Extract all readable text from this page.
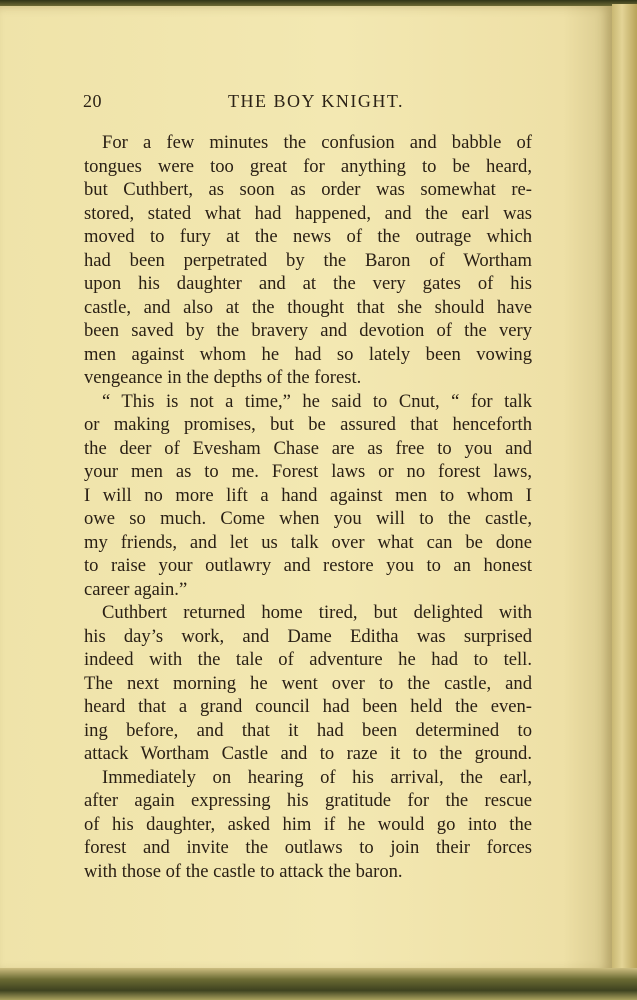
20	THE BOY KNIGHT.
For a few minutes the confusion and babble of
tongues were too great for anything to be heard,
but Cuthbert, as soon as order was somewhat re-
stored, stated what had happened, and the earl was
moved to fury at the news of the outrage which
had been perpetrated by the Baron of Wortham
upon his daughter and at the very gates of his
castle, and also at the thought that she should have
been saved by the bravery and devotion of the very
men against whom he had so lately been vowing
vengeance in the depths of the forest.
“ This is not a time,” he said to Cnut, “ for talk
or making promises, but be assured that henceforth
the deer of Evesham Chase are as free to you and
your men as to me. Forest laws or no forest laws,
I will no more lift a hand against men to whom I
owe so much. Come when you will to the castle,
my friends, and let us talk over what can be done
to raise your outlawry and restore you to an honest
career again.”
Cuthbert returned home tired, but delighted with
his day’s work, and Dame Editha was surprised
indeed with the tale of adventure he had to tell.
The next morning he went over to the castle, and
heard that a grand council had been held the even-
ing before, and that it had been determined to
attack Wortham Castle and to raze it to the ground.
Immediately on hearing of his arrival, the earl,
after again expressing his gratitude for the rescue
of his daughter, asked him if he would go into the
forest and invite the outlaws to join their forces
with those of the castle to attack the baron.
